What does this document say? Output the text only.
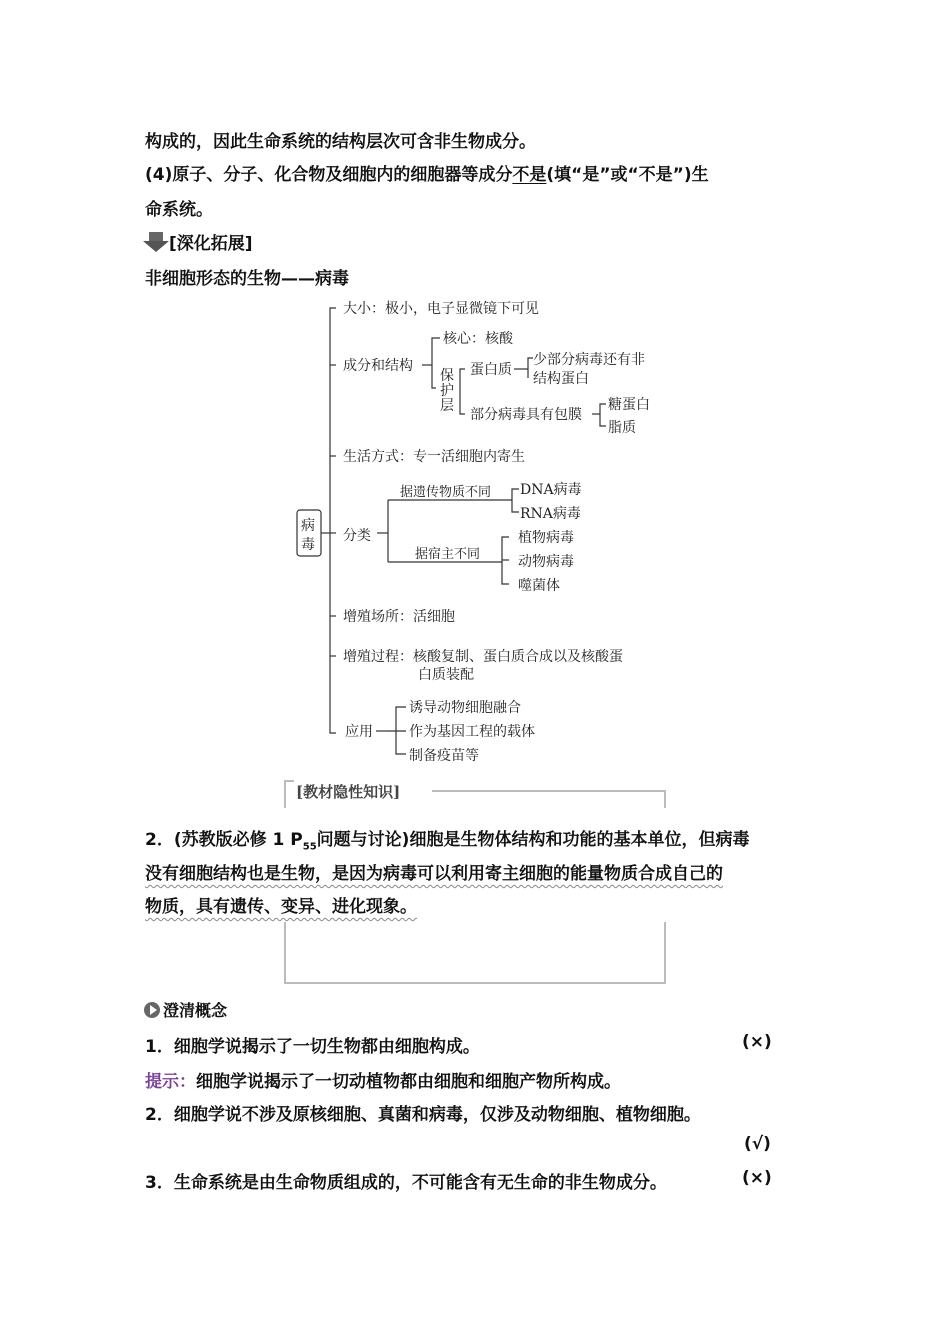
构成的，因此生命系统的结构层次可含非生物成分。
(4)原子、分子、化合物及细胞内的细胞器等成分不是(填“是”或“不是”)生
命系统。
[深化拓展]
非细胞形态的生物——病毒
病
毒
大小：极小，电子显微镜下可见
成分和结构
核心：核酸
保
护
层
蛋白质
少部分病毒还有非
结构蛋白
部分病毒具有包膜
糖蛋白
脂质
生活方式：专一活细胞内寄生
分类
据遗传物质不同 DNA病毒
RNA病毒
据宿主不同
植物病毒
动物病毒
噬菌体
增殖场所：活细胞
增殖过程：核酸复制、蛋白质合成以及核酸蛋
白质装配
应用
诱导动物细胞融合
作为基因工程的载体
制备疫苗等
[教材隐性知识]
2．(苏教版必修 1 $P_{55}$问题与讨论)细胞是生物体结构和功能的基本单位，但病毒
没有细胞结构也是生物，是因为病毒可以利用寄主细胞的能量物质合成自己的
物质，具有遗传、变异、进化现象。
澄清概念
1．细胞学说揭示了一切生物都由细胞构成。	(×)
提示：细胞学说揭示了一切动植物都由细胞和细胞产物所构成。
2．细胞学说不涉及原核细胞、真菌和病毒，仅涉及动物细胞、植物细胞。
(√)
3．生命系统是由生命物质组成的，不可能含有无生命的非生物成分。	(×)
